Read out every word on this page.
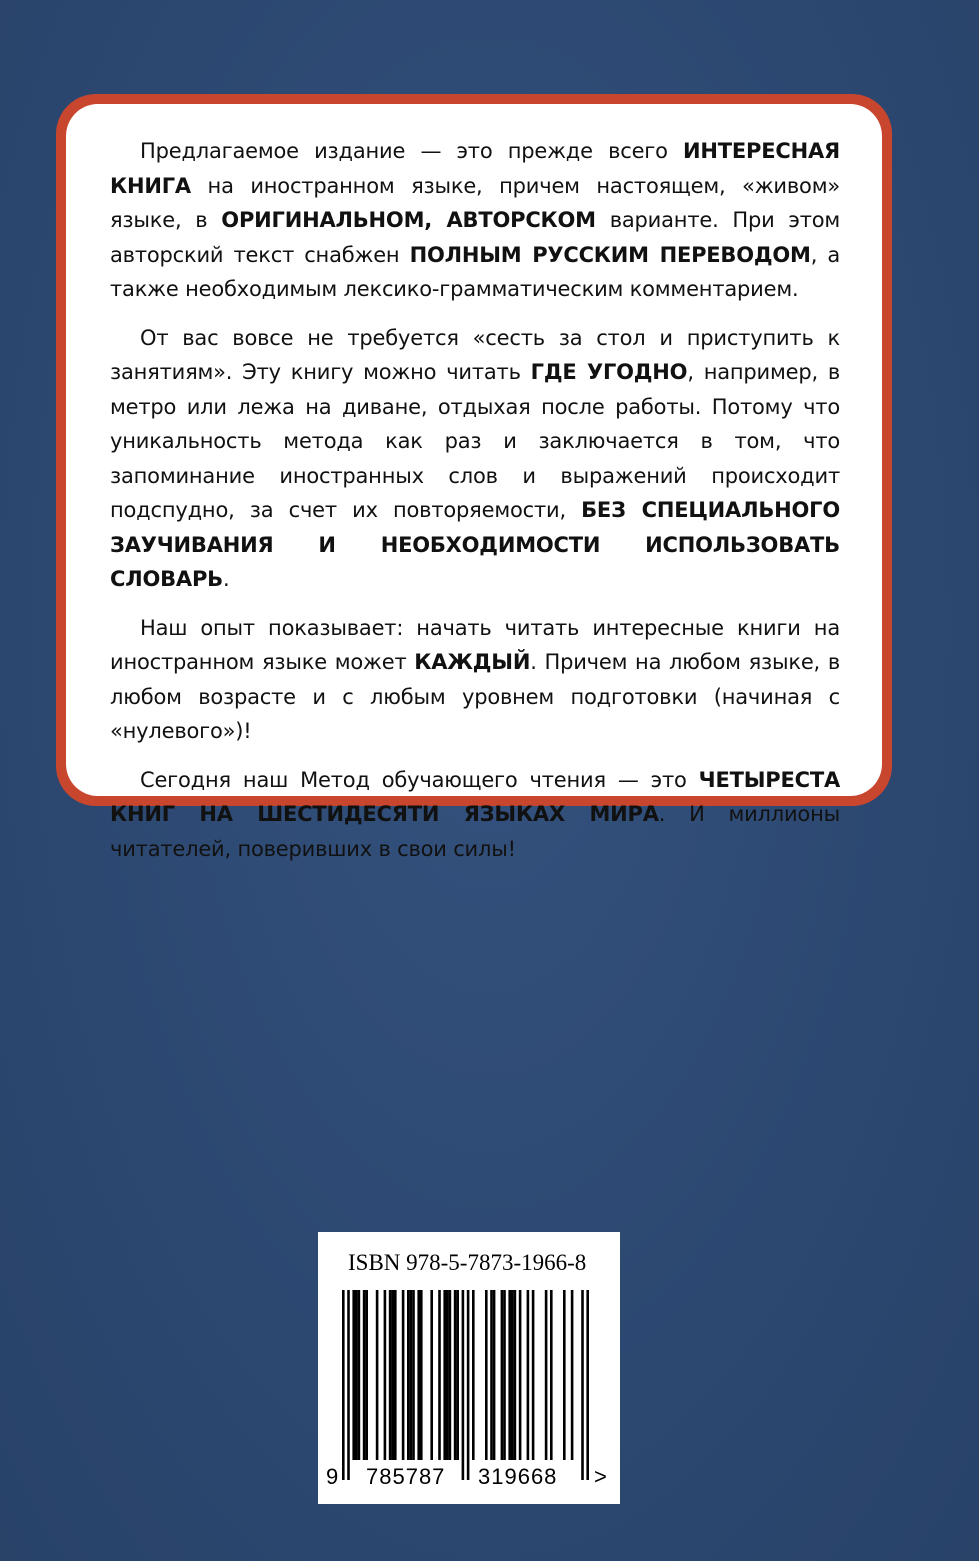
Предлагаемое издание — это прежде всего ИНТЕРЕСНАЯ КНИГА на иностранном языке, причем настоящем, «живом» языке, в ОРИГИНАЛЬНОМ, АВТОРСКОМ варианте. При этом авторский текст снабжен ПОЛНЫМ РУССКИМ ПЕРЕВОДОМ, а также необходимым лексико-грамматическим комментарием.

От вас вовсе не требуется «сесть за стол и приступить к занятиям». Эту книгу можно читать ГДЕ УГОДНО, например, в метро или лежа на диване, отдыхая после работы. Потому что уникальность метода как раз и заключается в том, что запоминание иностранных слов и выражений происходит подспудно, за счет их повторяемости, БЕЗ СПЕЦИАЛЬНОГО ЗАУЧИВАНИЯ И НЕОБХОДИМОСТИ ИСПОЛЬЗОВАТЬ СЛОВАРЬ.

Наш опыт показывает: начать читать интересные книги на иностранном языке может КАЖДЫЙ. Причем на любом языке, в любом возрасте и с любым уровнем подготовки (начиная с «нулевого»)!

Сегодня наш Метод обучающего чтения — это ЧЕТЫРЕСТА КНИГ НА ШЕСТИДЕСЯТИ ЯЗЫКАХ МИРА. И миллионы читателей, поверивших в свои силы!

ISBN 978-5-7873-1966-8
9 785787 319668 >
